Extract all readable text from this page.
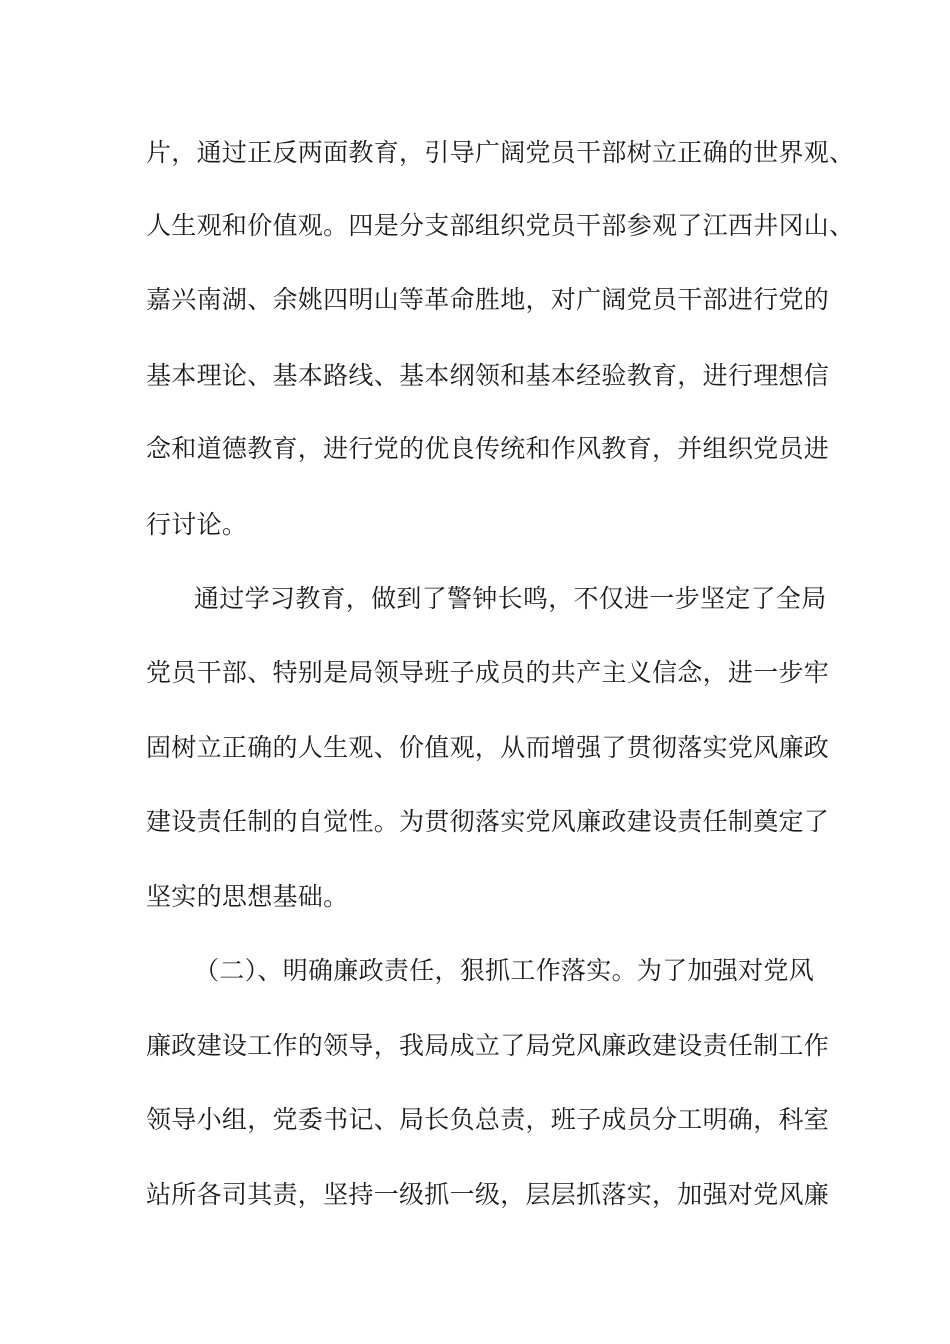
片，通过正反两面教育，引导广阔党员干部树立正确的世界观、
人生观和价值观。四是分支部组织党员干部参观了江西井冈山、
嘉兴南湖、余姚四明山等革命胜地，对广阔党员干部进行党的
基本理论、基本路线、基本纲领和基本经验教育，进行理想信
念和道德教育，进行党的优良传统和作风教育，并组织党员进
行讨论。
通过学习教育，做到了警钟长鸣，不仅进一步坚定了全局
党员干部、特别是局领导班子成员的共产主义信念，进一步牢
固树立正确的人生观、价值观，从而增强了贯彻落实党风廉政
建设责任制的自觉性。为贯彻落实党风廉政建设责任制奠定了
坚实的思想基础。
（二）、明确廉政责任，狠抓工作落实。为了加强对党风
廉政建设工作的领导，我局成立了局党风廉政建设责任制工作
领导小组，党委书记、局长负总责，班子成员分工明确，科室
站所各司其责，坚持一级抓一级，层层抓落实，加强对党风廉
